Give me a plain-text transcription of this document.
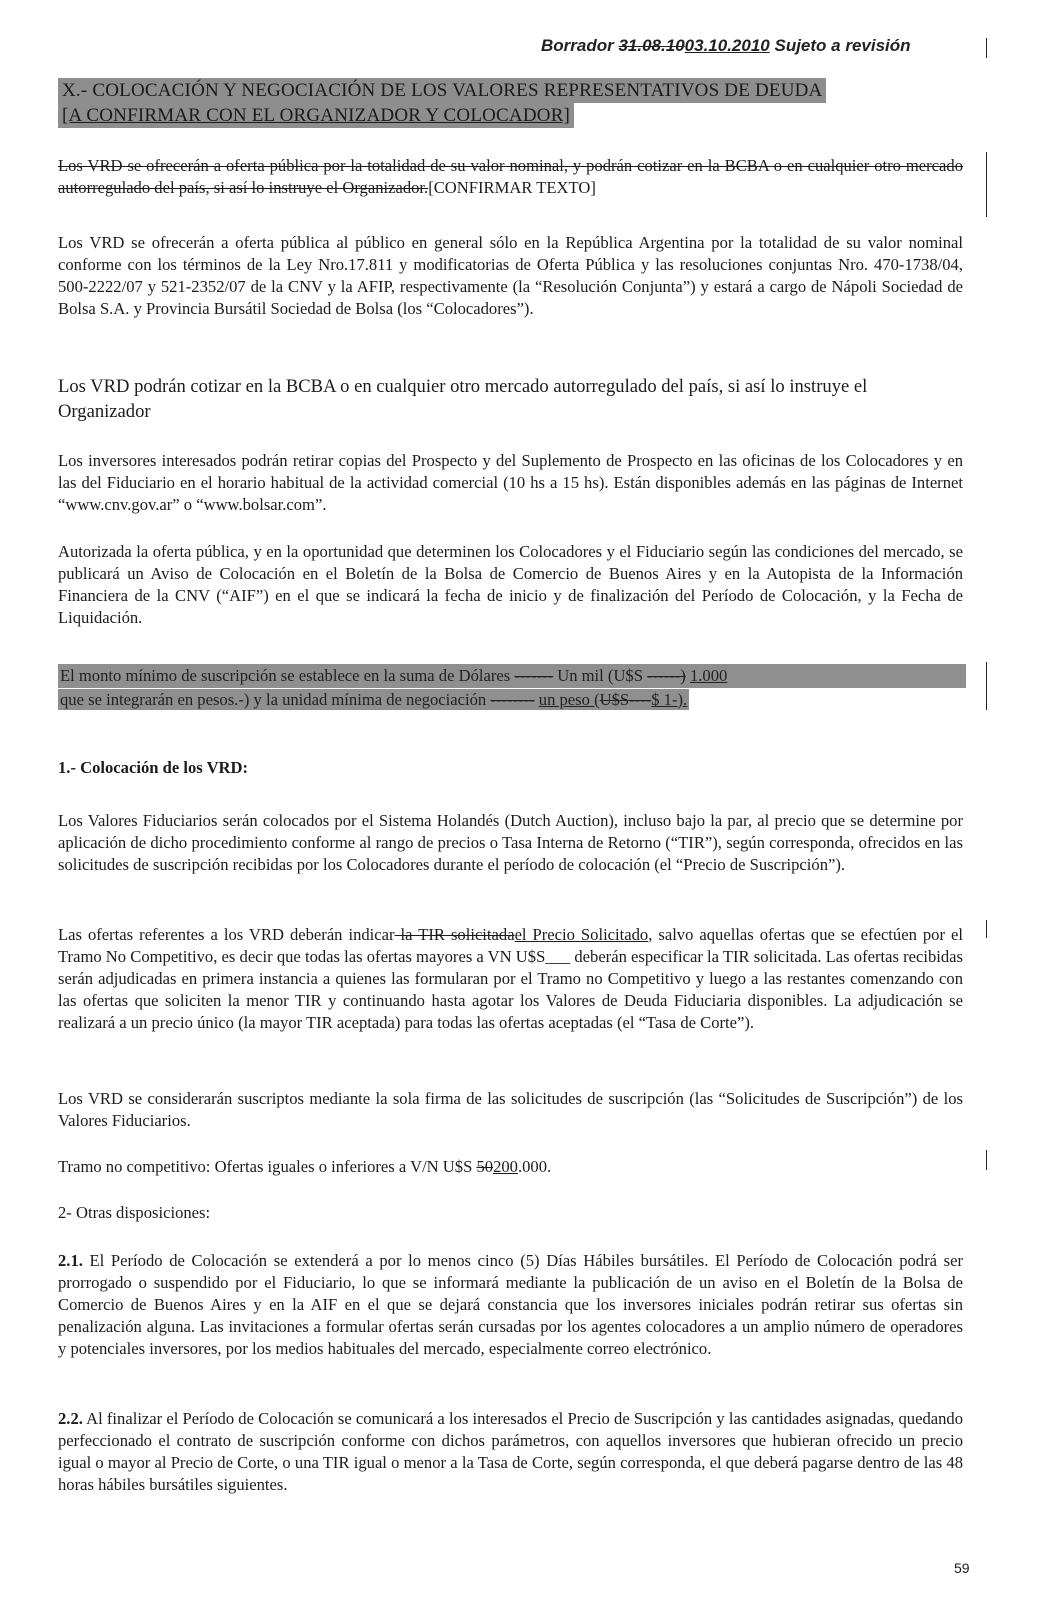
Borrador 31.08.1003.10.2010 Sujeto a revisión
X.- COLOCACIÓN Y NEGOCIACIÓN DE LOS VALORES REPRESENTATIVOS DE DEUDA
[A CONFIRMAR CON EL ORGANIZADOR Y COLOCADOR]

Los VRD se ofrecerán a oferta pública por la totalidad de su valor nominal, y podrán cotizar en la BCBA o en cualquier otro mercado autorregulado del país, si así lo instruye el Organizador.[CONFIRMAR TEXTO]

Los VRD se ofrecerán a oferta pública al público en general sólo en la República Argentina por la totalidad de su valor nominal conforme con los términos de la Ley Nro.17.811 y modificatorias de Oferta Pública y las resoluciones conjuntas Nro. 470-1738/04, 500-2222/07 y 521-2352/07 de la CNV y la AFIP, respectivamente (la “Resolución Conjunta”) y estará a cargo de Nápoli Sociedad de Bolsa S.A. y Provincia Bursátil Sociedad de Bolsa (los “Colocadores”).

Los VRD podrán cotizar en la BCBA o en cualquier otro mercado autorregulado del país, si así lo instruye el Organizador

Los inversores interesados podrán retirar copias del Prospecto y del Suplemento de Prospecto en las oficinas de los Colocadores y en las del Fiduciario en el horario habitual de la actividad comercial (10 hs a 15 hs). Están disponibles además en las páginas de Internet “www.cnv.gov.ar” o “www.bolsar.com”.

Autorizada la oferta pública, y en la oportunidad que determinen los Colocadores y el Fiduciario según las condiciones del mercado, se publicará un Aviso de Colocación en el Boletín de la Bolsa de Comercio de Buenos Aires y en la Autopista de la Información Financiera de la CNV (“AIF”) en el que se indicará la fecha de inicio y de finalización del Período de Colocación, y la Fecha de Liquidación.

El monto mínimo de suscripción se establece en la suma de Dólares ------- Un mil (U$S ------) 1.000
que se integrarán en pesos.-) y la unidad mínima de negociación -------- un peso (U$S----$ 1-).

1.- Colocación de los VRD:

Los Valores Fiduciarios serán colocados por el Sistema Holandés (Dutch Auction), incluso bajo la par, al precio que se determine por aplicación de dicho procedimiento conforme al rango de precios o Tasa Interna de Retorno (“TIR”), según corresponda, ofrecidos en las solicitudes de suscripción recibidas por los Colocadores durante el período de colocación (el “Precio de Suscripción”).

Las ofertas referentes a los VRD deberán indicar la TIR solicitadael Precio Solicitado, salvo aquellas ofertas que se efectúen por el Tramo No Competitivo, es decir que todas las ofertas mayores a VN U$S___ deberán especificar la TIR solicitada. Las ofertas recibidas serán adjudicadas en primera instancia a quienes las formularan por el Tramo no Competitivo y luego a las restantes comenzando con las ofertas que soliciten la menor TIR y continuando hasta agotar los Valores de Deuda Fiduciaria disponibles. La adjudicación se realizará a un precio único (la mayor TIR aceptada) para todas las ofertas aceptadas (el “Tasa de Corte”).

Los VRD se considerarán suscriptos mediante la sola firma de las solicitudes de suscripción (las “Solicitudes de Suscripción”) de los Valores Fiduciarios.

Tramo no competitivo: Ofertas iguales o inferiores a V/N U$S 50200.000.

2- Otras disposiciones:

2.1. El Período de Colocación se extenderá a por lo menos cinco (5) Días Hábiles bursátiles. El Período de Colocación podrá ser prorrogado o suspendido por el Fiduciario, lo que se informará mediante la publicación de un aviso en el Boletín de la Bolsa de Comercio de Buenos Aires y en la AIF en el que se dejará constancia que los inversores iniciales podrán retirar sus ofertas sin penalización alguna. Las invitaciones a formular ofertas serán cursadas por los agentes colocadores a un amplio número de operadores y potenciales inversores, por los medios habituales del mercado, especialmente correo electrónico.

2.2. Al finalizar el Período de Colocación se comunicará a los interesados el Precio de Suscripción y las cantidades asignadas, quedando perfeccionado el contrato de suscripción conforme con dichos parámetros, con aquellos inversores que hubieran ofrecido un precio igual o mayor al Precio de Corte, o una TIR igual o menor a la Tasa de Corte, según corresponda, el que deberá pagarse dentro de las 48 horas hábiles bursátiles siguientes.

59
